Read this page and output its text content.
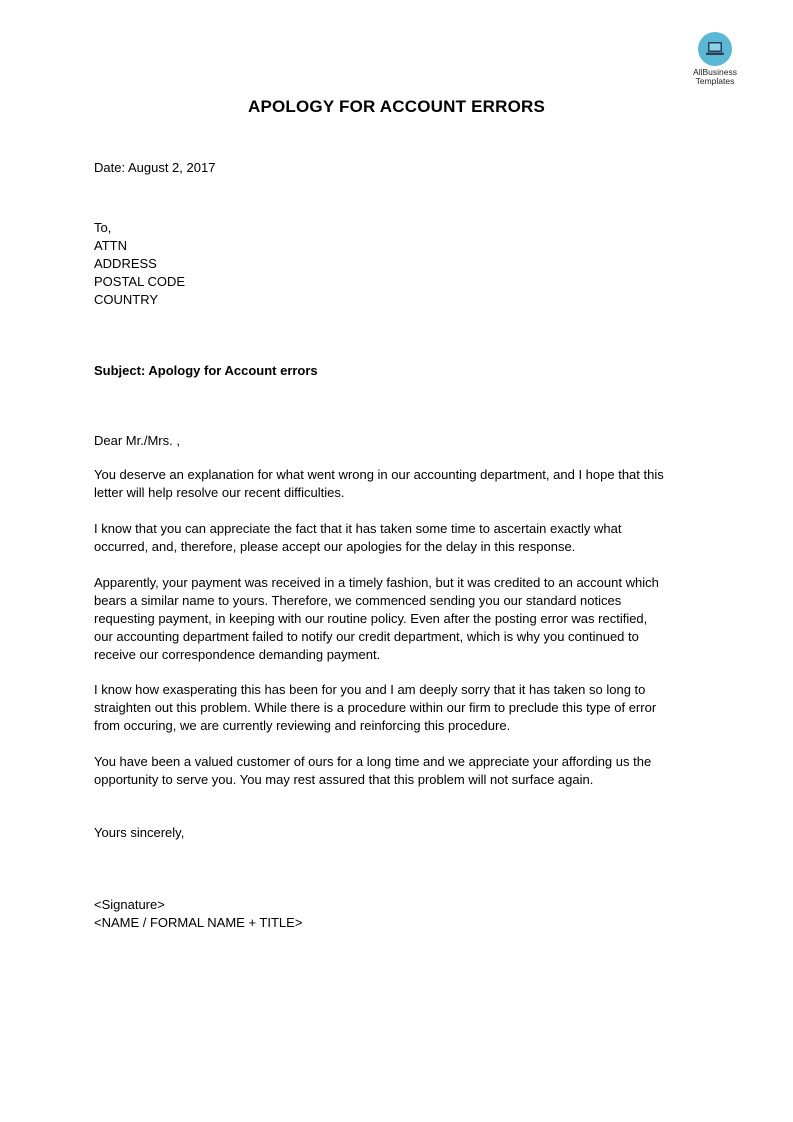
AllBusiness
Templates
APOLOGY FOR ACCOUNT ERRORS
Date: August 2, 2017
To,
ATTN
ADDRESS
POSTAL CODE
COUNTRY
Subject: Apology for Account errors
Dear Mr./Mrs. ,
You deserve an explanation for what went wrong in our accounting department, and I hope that this
letter will help resolve our recent difficulties.
I know that you can appreciate the fact that it has taken some time to ascertain exactly what
occurred, and, therefore, please accept our apologies for the delay in this response.
Apparently, your payment was received in a timely fashion, but it was credited to an account which
bears a similar name to yours. Therefore, we commenced sending you our standard notices
requesting payment, in keeping with our routine policy. Even after the posting error was rectified,
our accounting department failed to notify our credit department, which is why you continued to
receive our correspondence demanding payment.
I know how exasperating this has been for you and I am deeply sorry that it has taken so long to
straighten out this problem. While there is a procedure within our firm to preclude this type of error
from occuring, we are currently reviewing and reinforcing this procedure.
You have been a valued customer of ours for a long time and we appreciate your affording us the
opportunity to serve you. You may rest assured that this problem will not surface again.
Yours sincerely,
<Signature>
<NAME / FORMAL NAME + TITLE>
